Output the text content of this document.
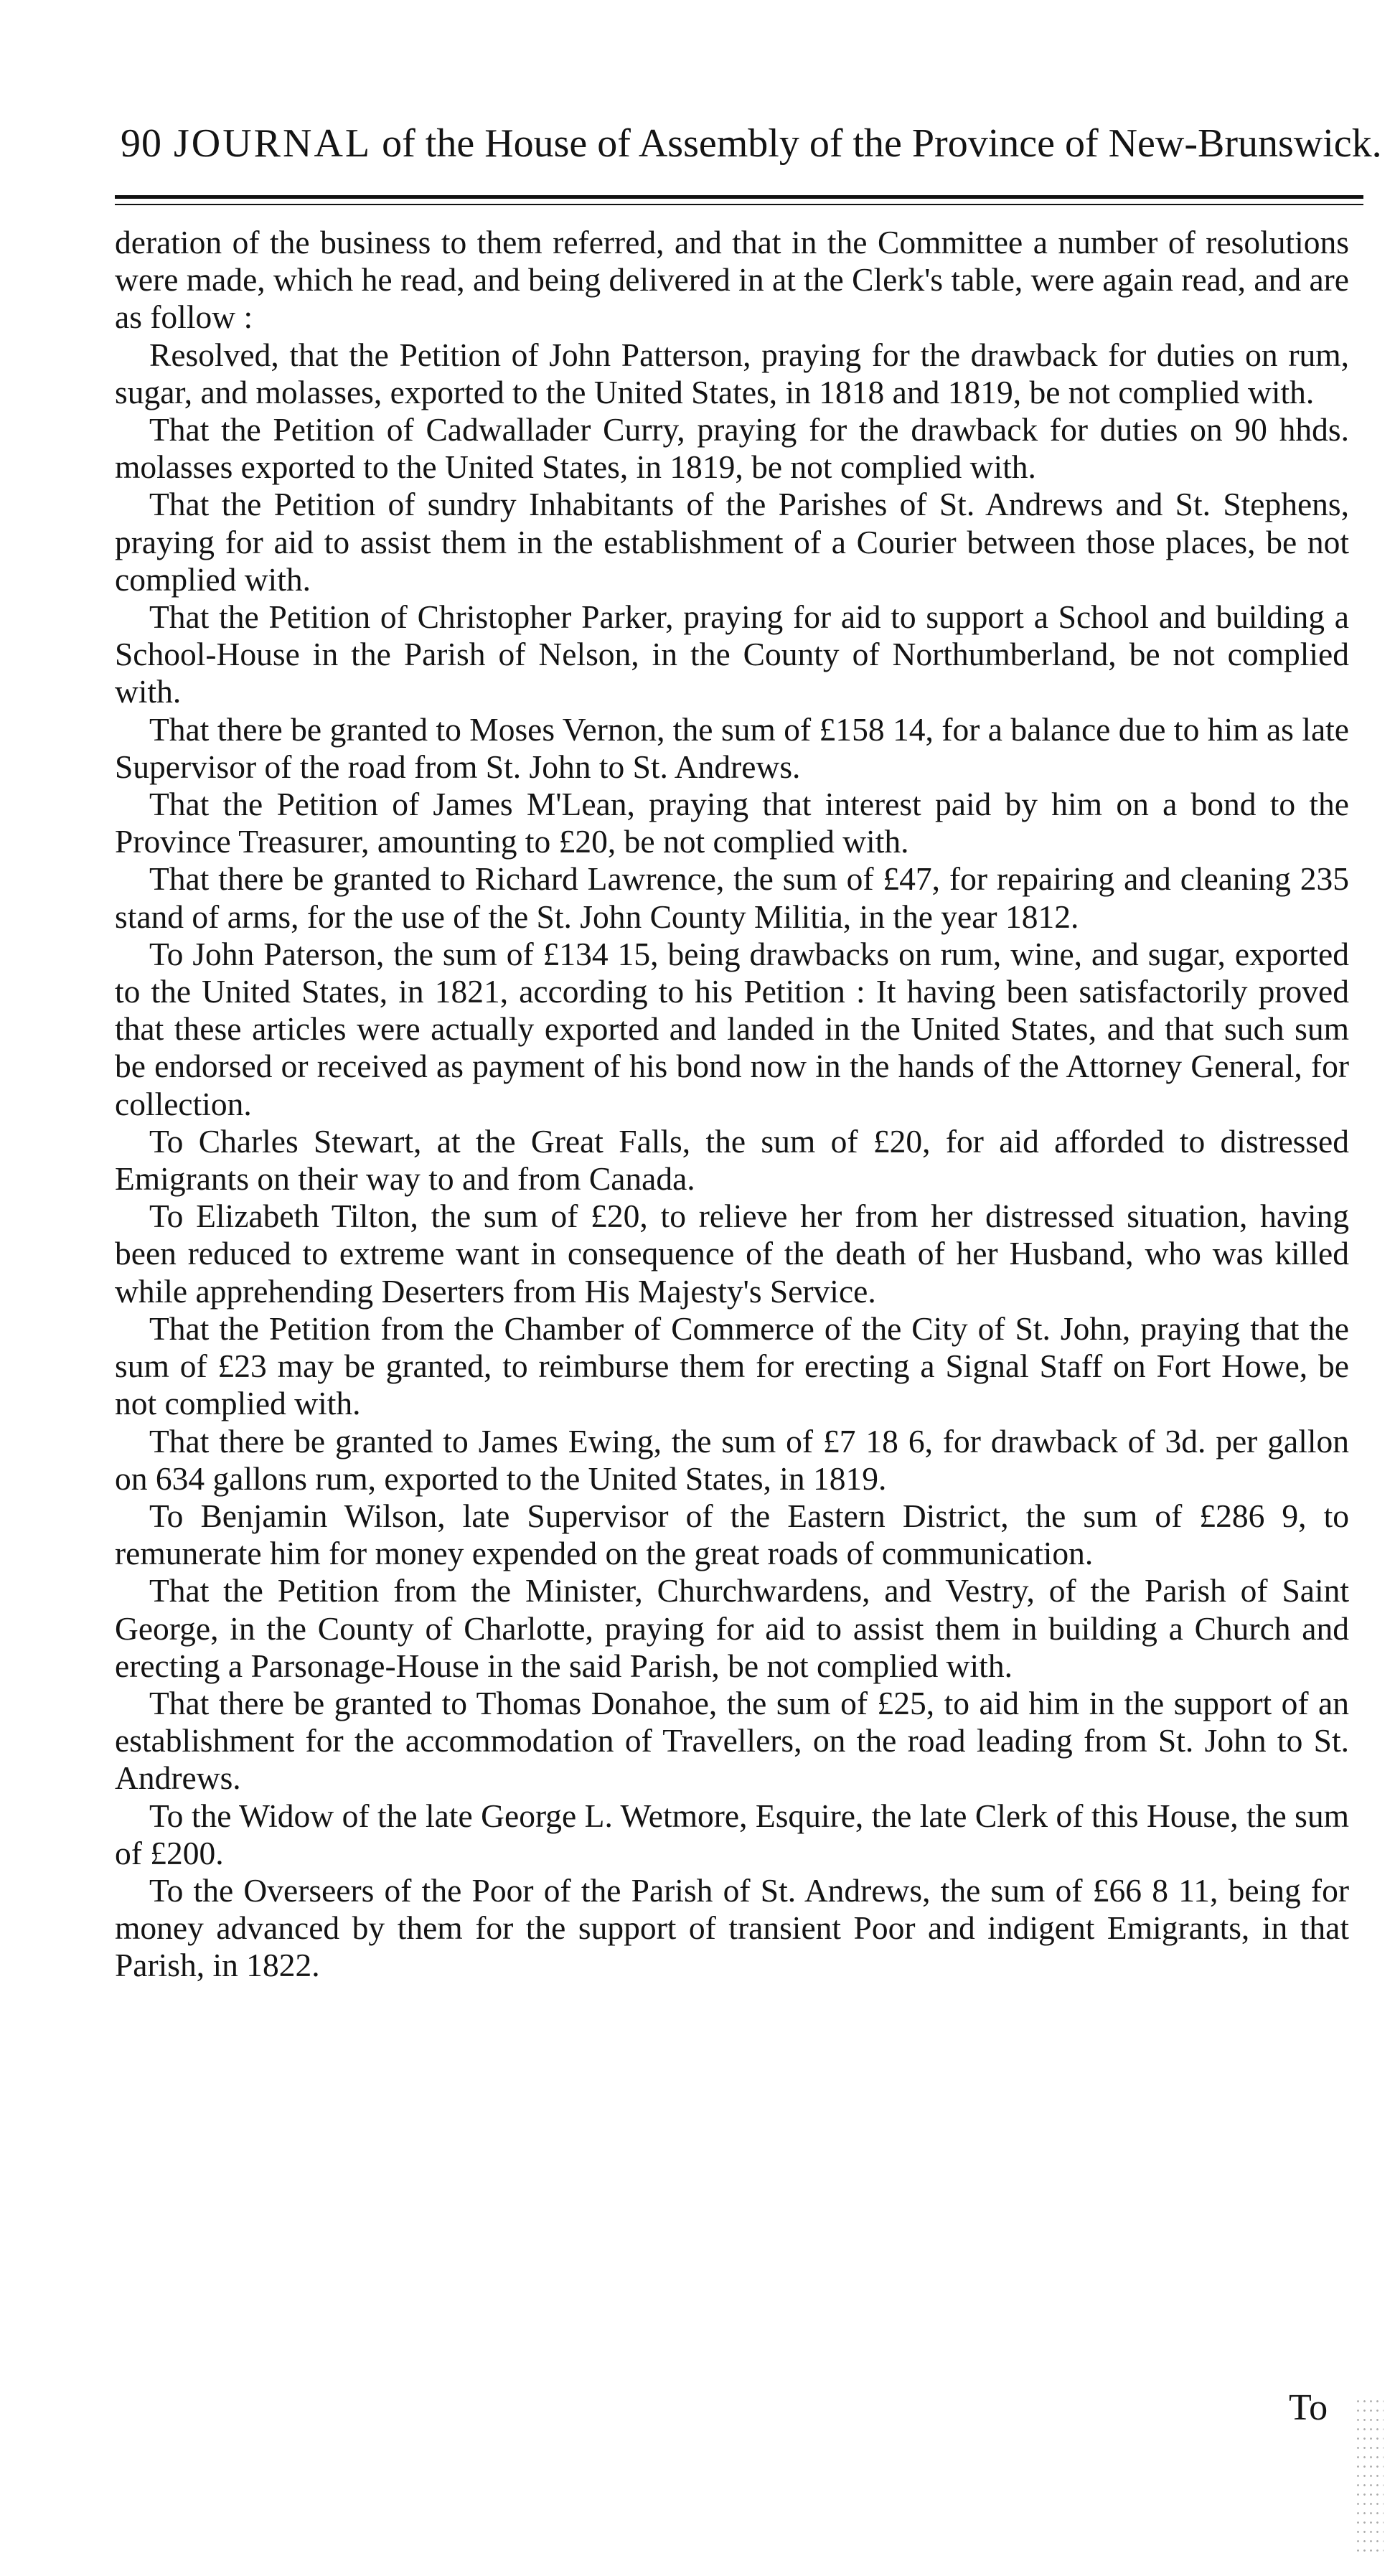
90 JOURNAL of the House of Assembly of the Province of New-Brunswick.

deration of the business to them referred, and that in the Committee a number of resolutions were made, which he read, and being delivered in at the Clerk's table, were again read, and are as follow :

Resolved, that the Petition of John Patterson, praying for the drawback for duties on rum, sugar, and molasses, exported to the United States, in 1818 and 1819, be not complied with.

That the Petition of Cadwallader Curry, praying for the drawback for duties on 90 hhds. molasses exported to the United States, in 1819, be not complied with.

That the Petition of sundry Inhabitants of the Parishes of St. Andrews and St. Stephens, praying for aid to assist them in the establishment of a Courier between those places, be not complied with.

That the Petition of Christopher Parker, praying for aid to support a School and building a School-House in the Parish of Nelson, in the County of Northumberland, be not complied with.

That there be granted to Moses Vernon, the sum of £158 14, for a balance due to him as late Supervisor of the road from St. John to St. Andrews.

That the Petition of James M'Lean, praying that interest paid by him on a bond to the Province Treasurer, amounting to £20, be not complied with.

That there be granted to Richard Lawrence, the sum of £47, for repairing and cleaning 235 stand of arms, for the use of the St. John County Militia, in the year 1812.

To John Paterson, the sum of £134 15, being drawbacks on rum, wine, and sugar, exported to the United States, in 1821, according to his Petition : It having been satisfactorily proved that these articles were actually exported and landed in the United States, and that such sum be endorsed or received as payment of his bond now in the hands of the Attorney General, for collection.

To Charles Stewart, at the Great Falls, the sum of £20, for aid afforded to distressed Emigrants on their way to and from Canada.

To Elizabeth Tilton, the sum of £20, to relieve her from her distressed situation, having been reduced to extreme want in consequence of the death of her Husband, who was killed while apprehending Deserters from His Majesty's Service.

That the Petition from the Chamber of Commerce of the City of St. John, praying that the sum of £23 may be granted, to reimburse them for erecting a Signal Staff on Fort Howe, be not complied with.

That there be granted to James Ewing, the sum of £7 18 6, for drawback of 3d. per gallon on 634 gallons rum, exported to the United States, in 1819.

To Benjamin Wilson, late Supervisor of the Eastern District, the sum of £286 9, to remunerate him for money expended on the great roads of communication.

That the Petition from the Minister, Churchwardens, and Vestry, of the Parish of Saint George, in the County of Charlotte, praying for aid to assist them in building a Church and erecting a Parsonage-House in the said Parish, be not complied with.

That there be granted to Thomas Donahoe, the sum of £25, to aid him in the support of an establishment for the accommodation of Travellers, on the road leading from St. John to St. Andrews.

To the Widow of the late George L. Wetmore, Esquire, the late Clerk of this House, the sum of £200.

To the Overseers of the Poor of the Parish of St. Andrews, the sum of £66 8 11, being for money advanced by them for the support of transient Poor and indigent Emigrants, in that Parish, in 1822.

To
